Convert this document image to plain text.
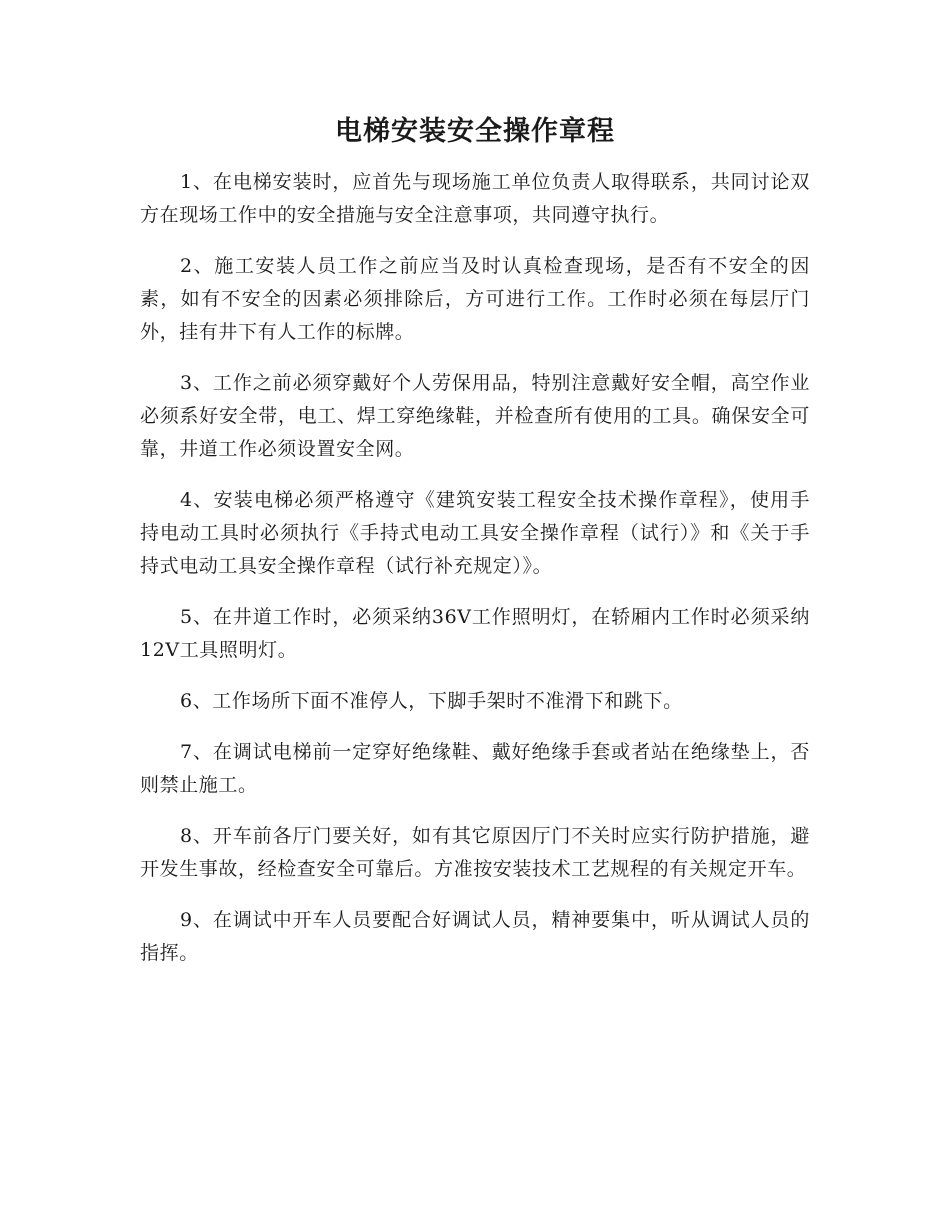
电梯安装安全操作章程

1、在电梯安装时，应首先与现场施工单位负责人取得联系，共同讨论双方在现场工作中的安全措施与安全注意事项，共同遵守执行。

2、施工安装人员工作之前应当及时认真检查现场，是否有不安全的因素，如有不安全的因素必须排除后，方可进行工作。工作时必须在每层厅门外，挂有井下有人工作的标牌。

3、工作之前必须穿戴好个人劳保用品，特别注意戴好安全帽，高空作业必须系好安全带，电工、焊工穿绝缘鞋，并检查所有使用的工具。确保安全可靠，井道工作必须设置安全网。

4、安装电梯必须严格遵守《建筑安装工程安全技术操作章程》，使用手持电动工具时必须执行《手持式电动工具安全操作章程（试行）》和《关于手持式电动工具安全操作章程（试行补充规定）》。

5、在井道工作时，必须采纳36V工作照明灯，在轿厢内工作时必须采纳12V工具照明灯。

6、工作场所下面不准停人，下脚手架时不准滑下和跳下。

7、在调试电梯前一定穿好绝缘鞋、戴好绝缘手套或者站在绝缘垫上，否则禁止施工。

8、开车前各厅门要关好，如有其它原因厅门不关时应实行防护措施，避开发生事故，经检查安全可靠后。方准按安装技术工艺规程的有关规定开车。

9、在调试中开车人员要配合好调试人员，精神要集中，听从调试人员的指挥。
